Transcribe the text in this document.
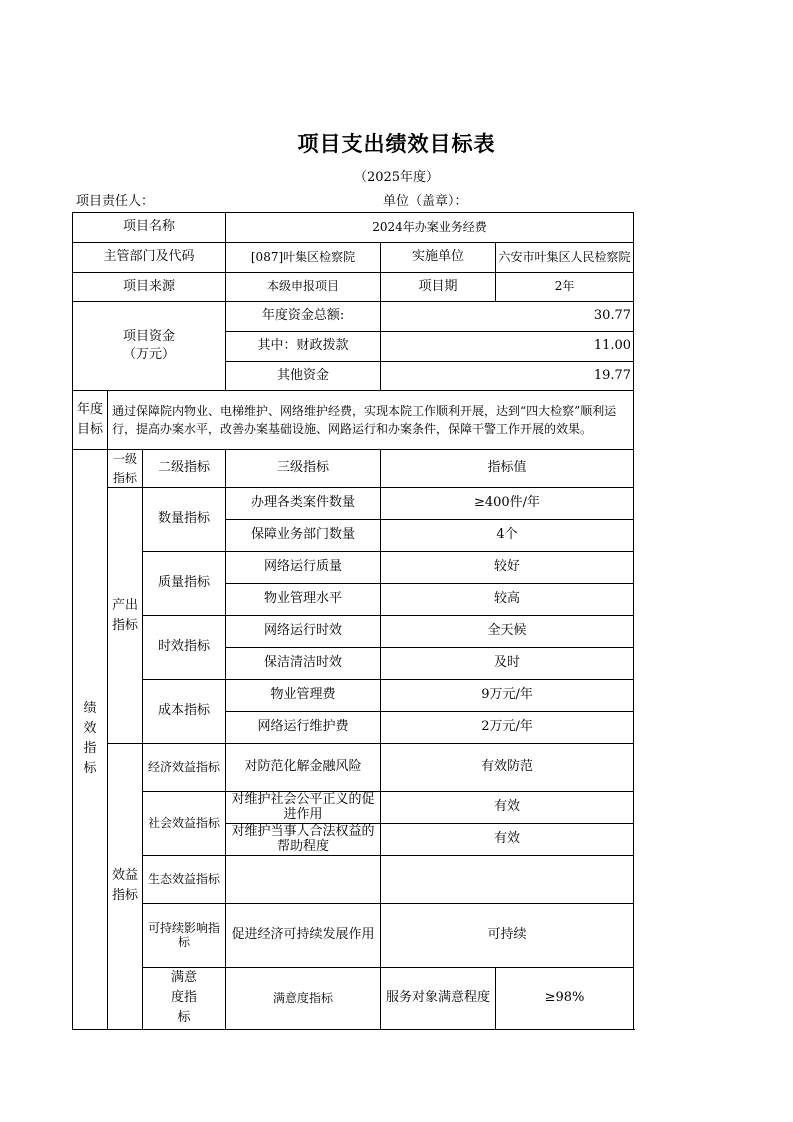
项目支出绩效目标表
（2025年度）
项目责任人：	单位（盖章）：
项目名称			2024年办案业务经费		
主管部门及代码			[087]叶集区检察院	实施单位	六安市叶集区人民检察院
项目来源			本级申报项目	项目期	2年
项目资金（万元）			年度资金总额:	30.77	
			其中：财政拨款	11.00	
			其他资金	19.77	
年度目标	通过保障院内物业、电梯维护、网络维护经费，实现本院工作顺利开展，达到“四大检察”顺利运行，提高办案水平，改善办案基础设施、网路运行和办案条件，保障干警工作开展的效果。				
绩效指标	一级指标	二级指标	三级指标	指标值	
	产出指标	数量指标	办理各类案件数量	≥400件/年	
			保障业务部门数量	4个	
		质量指标	网络运行质量	较好	
			物业管理水平	较高	
		时效指标	网络运行时效	全天候	
			保洁清洁时效	及时	
		成本指标	物业管理费	9万元/年	
			网络运行维护费	2万元/年	
	效益指标	经济效益指标	对防范化解金融风险	有效防范	
		社会效益指标	对维护社会公平正义的促进作用	有效	
			对维护当事人合法权益的帮助程度	有效	
		生态效益指标			
		可持续影响指标	促进经济可持续发展作用	可持续	
		满意度指标	满意度指标	服务对象满意程度	≥98%
